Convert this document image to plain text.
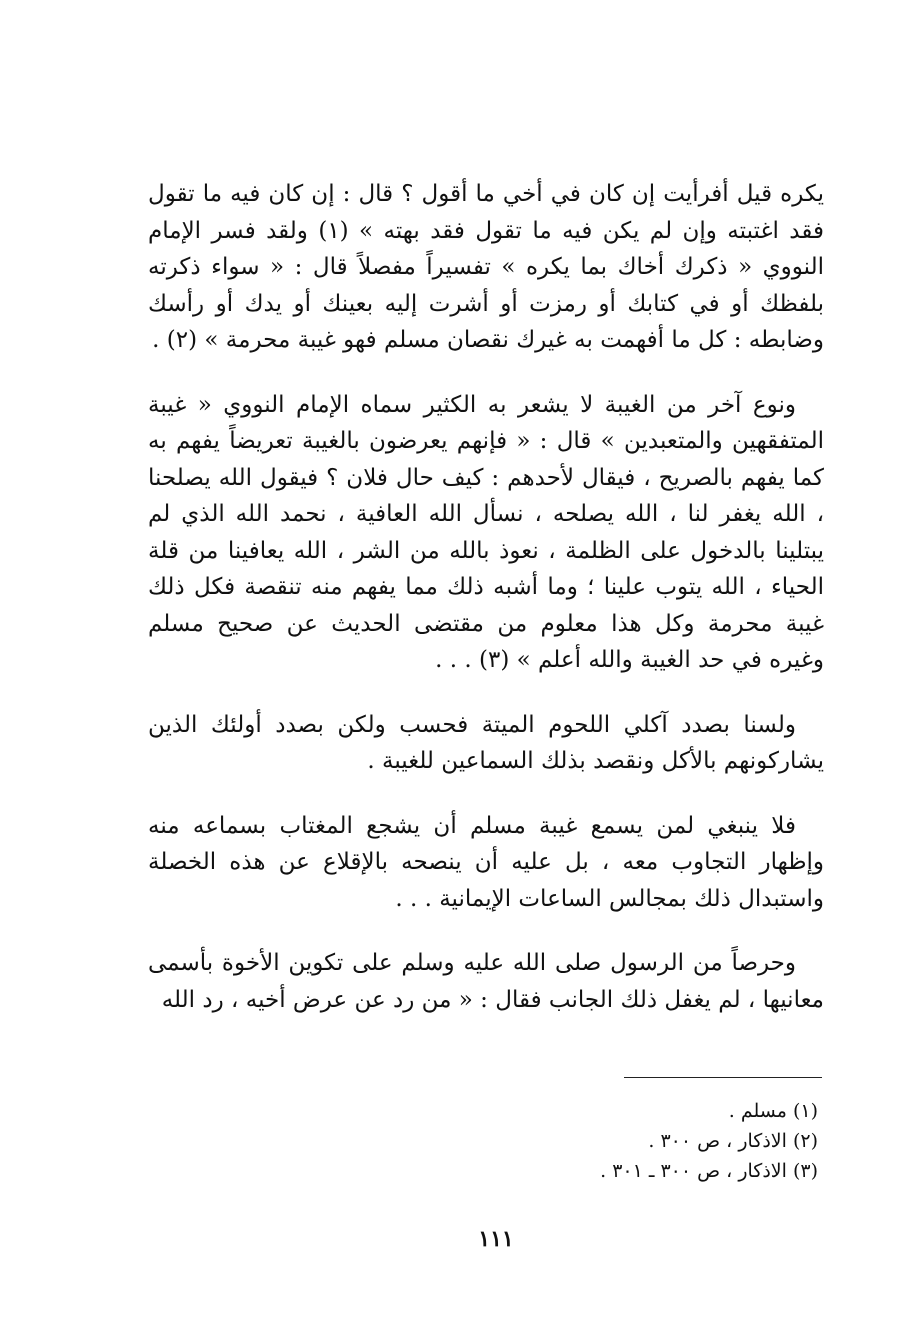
يكره قيل أفرأيت إن كان في أخي ما أقول ؟ قال : إن كان فيه ما تقول فقد اغتبته وإن لم يكن فيه ما تقول فقد بهته » (١) ولقد فسر الإمام النووي « ذكرك أخاك بما يكره » تفسيراً مفصلاً قال : « سواء ذكرته بلفظك أو في كتابك أو رمزت أو أشرت إليه بعينك أو يدك أو رأسك وضابطه : كل ما أفهمت به غيرك نقصان مسلم فهو غيبة محرمة » (٢) .

ونوع آخر من الغيبة لا يشعر به الكثير سماه الإمام النووي « غيبة المتفقهين والمتعبدين » قال : « فإنهم يعرضون بالغيبة تعريضاً يفهم به كما يفهم بالصريح ، فيقال لأحدهم : كيف حال فلان ؟ فيقول الله يصلحنا ، الله يغفر لنا ، الله يصلحه ، نسأل الله العافية ، نحمد الله الذي لم يبتلينا بالدخول على الظلمة ، نعوذ بالله من الشر ، الله يعافينا من قلة الحياء ، الله يتوب علينا ؛ وما أشبه ذلك مما يفهم منه تنقصة فكل ذلك غيبة محرمة وكل هذا معلوم من مقتضى الحديث عن صحيح مسلم وغيره في حد الغيبة والله أعلم » (٣) . . .

ولسنا بصدد آكلي اللحوم الميتة فحسب ولكن بصدد أولئك الذين يشاركونهم بالأكل ونقصد بذلك السماعين للغيبة .

فلا ينبغي لمن يسمع غيبة مسلم أن يشجع المغتاب بسماعه منه وإظهار التجاوب معه ، بل عليه أن ينصحه بالإقلاع عن هذه الخصلة واستبدال ذلك بمجالس الساعات الإيمانية . . .

وحرصاً من الرسول صلى الله عليه وسلم على تكوين الأخوة بأسمى معانيها ، لم يغفل ذلك الجانب فقال : « من رد عن عرض أخيه ، رد الله

(١) مسلم .
(٢) الاذكار ، ص ٣٠٠ .
(٣) الاذكار ، ص ٣٠٠ ـ ٣٠١ .
١١١
